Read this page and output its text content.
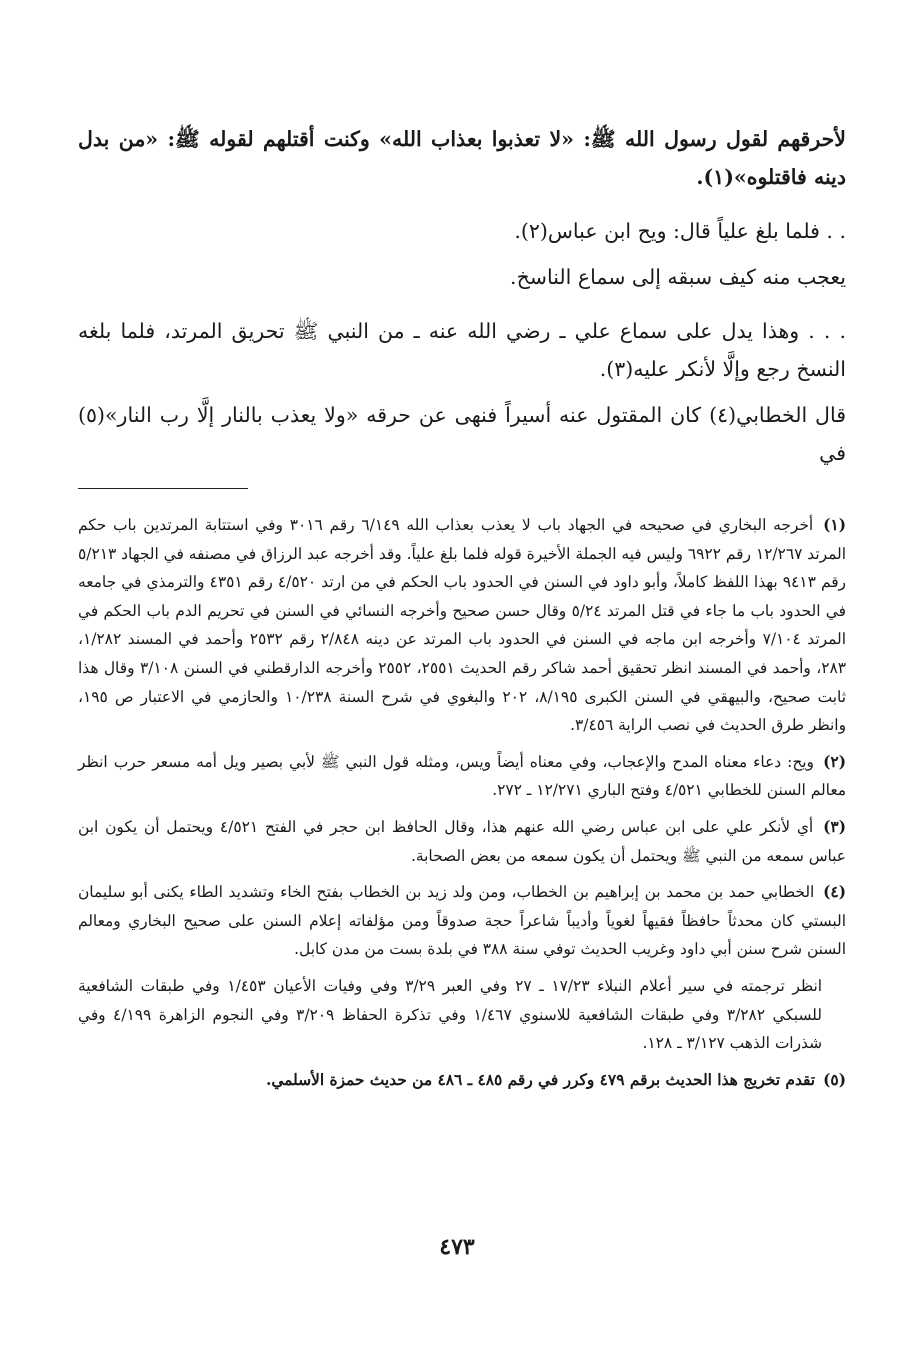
لأحرقهم لقول رسول الله ﷺ: «لا تعذبوا بعذاب الله» وكنت أقتلهم لقوله ﷺ: «من بدل دينه فاقتلوه»(١).

. . فلما بلغ علياً قال: ويح ابن عباس(٢).

يعجب منه كيف سبقه إلى سماع الناسخ.

. . . وهذا يدل على سماع علي ـ رضي الله عنه ـ من النبي ﷺ تحريق المرتد، فلما بلغه النسخ رجع وإلَّا لأنكر عليه(٣).

قال الخطابي(٤) كان المقتول عنه أسيراً فنهى عن حرقه «ولا يعذب بالنار إلَّا رب النار»(٥) في

(١) أخرجه البخاري في صحيحه في الجهاد باب لا يعذب بعذاب الله ٦/١٤٩ رقم ٣٠١٦ وفي استتابة المرتدين باب حكم المرتد ١٢/٢٦٧ رقم ٦٩٢٢ وليس فيه الجملة الأخيرة قوله فلما بلغ علياً. وقد أخرجه عبد الرزاق في مصنفه في الجهاد ٥/٢١٣ رقم ٩٤١٣ بهذا اللفظ كاملاً، وأبو داود في السنن في الحدود باب الحكم في من ارتد ٤/٥٢٠ رقم ٤٣٥١ والترمذي في جامعه في الحدود باب ما جاء في قتل المرتد ٥/٢٤ وقال حسن صحيح وأخرجه النسائي في السنن في تحريم الدم باب الحكم في المرتد ٧/١٠٤ وأخرجه ابن ماجه في السنن في الحدود باب المرتد عن دينه ٢/٨٤٨ رقم ٢٥٣٢ وأحمد في المسند ١/٢٨٢، ٢٨٣، وأحمد في المسند انظر تحقيق أحمد شاكر رقم الحديث ٢٥٥١، ٢٥٥٢ وأخرجه الدارقطني في السنن ٣/١٠٨ وقال هذا ثابت صحيح، والبيهقي في السنن الكبرى ٨/١٩٥، ٢٠٢ والبغوي في شرح السنة ١٠/٢٣٨ والحازمي في الاعتبار ص ١٩٥، وانظر طرق الحديث في نصب الراية ٣/٤٥٦.

(٢) ويح: دعاء معناه المدح والإعجاب، وفي معناه أيضاً ويس، ومثله قول النبي ﷺ لأبي بصير ويل أمه مسعر حرب انظر معالم السنن للخطابي ٤/٥٢١ وفتح الباري ١٢/٢٧١ ـ ٢٧٢.

(٣) أي لأنكر علي على ابن عباس رضي الله عنهم هذا، وقال الحافظ ابن حجر في الفتح ٤/٥٢١ ويحتمل أن يكون ابن عباس سمعه من النبي ﷺ ويحتمل أن يكون سمعه من بعض الصحابة.

(٤) الخطابي حمد بن محمد بن إبراهيم بن الخطاب، ومن ولد زيد بن الخطاب بفتح الخاء وتشديد الطاء يكنى أبو سليمان البستي كان محدثاً حافظاً فقيهاً لغوياً وأديباً شاعراً حجة صدوقاً ومن مؤلفاته إعلام السنن على صحيح البخاري ومعالم السنن شرح سنن أبي داود وغريب الحديث توفي سنة ٣٨٨ في بلدة بست من مدن كابل.

انظر ترجمته في سير أعلام النبلاء ١٧/٢٣ ـ ٢٧ وفي العبر ٣/٢٩ وفي وفيات الأعيان ١/٤٥٣ وفي طبقات الشافعية للسبكي ٣/٢٨٢ وفي طبقات الشافعية للاسنوي ١/٤٦٧ وفي تذكرة الحفاظ ٣/٢٠٩ وفي النجوم الزاهرة ٤/١٩٩ وفي شذرات الذهب ٣/١٢٧ ـ ١٢٨.

(٥) تقدم تخريج هذا الحديث برقم ٤٧٩ وكرر في رقم ٤٨٥ ـ ٤٨٦ من حديث حمزة الأسلمي.

٤٧٣
